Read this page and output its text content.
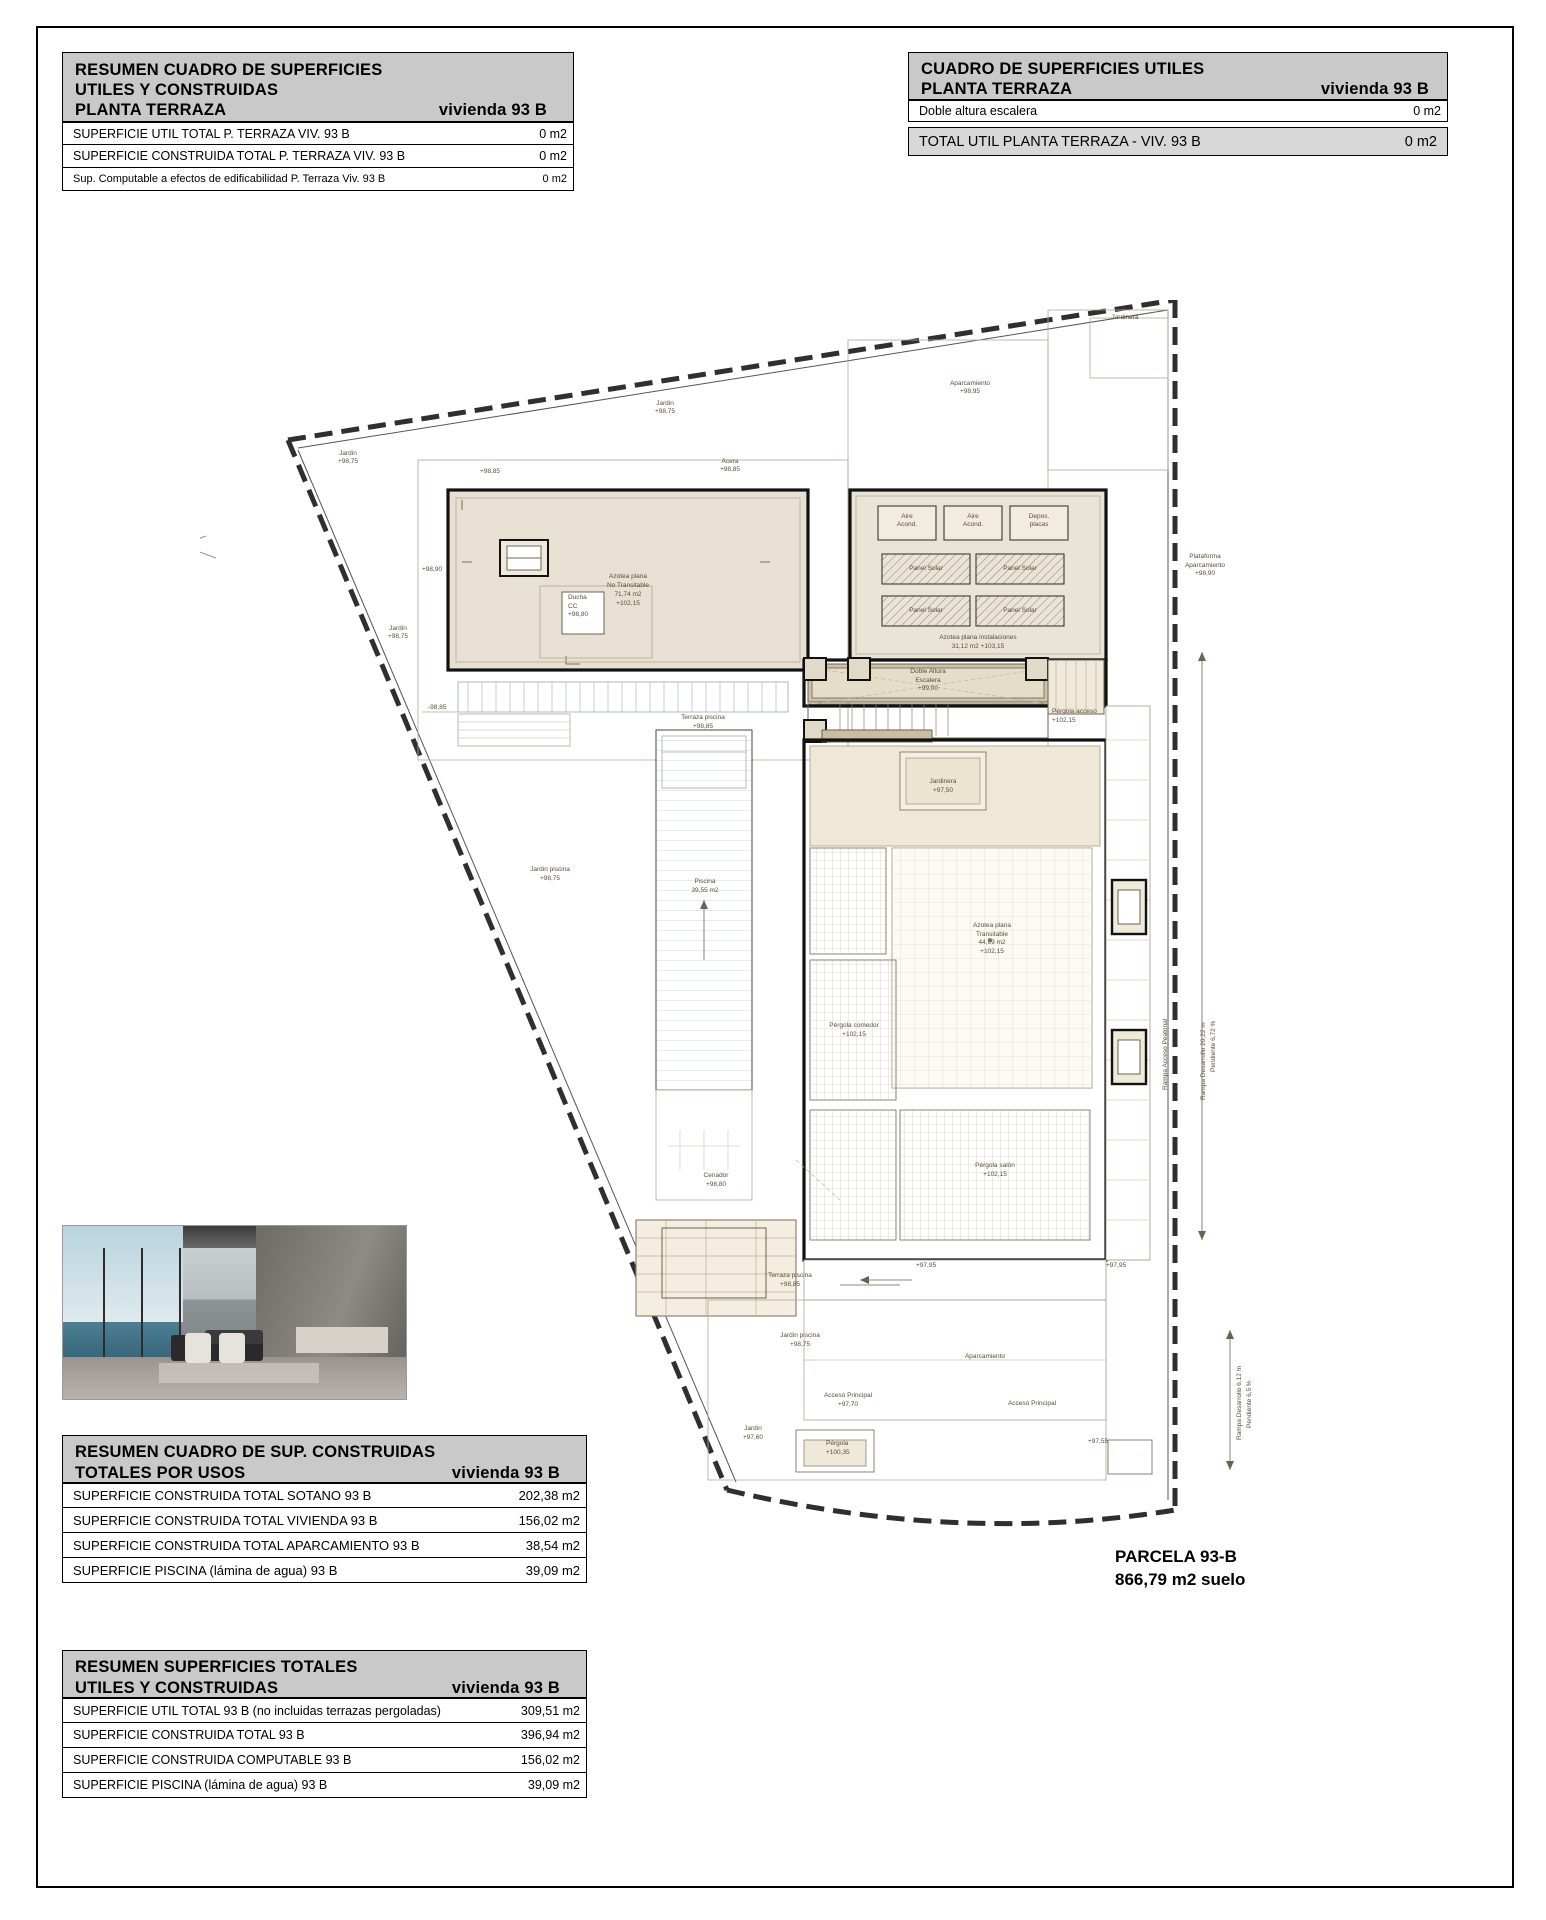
RESUMEN CUADRO DE SUPERFICIES
UTILES Y CONSTRUIDAS
PLANTA TERRAZA	vivienda 93 B
SUPERFICIE UTIL TOTAL P. TERRAZA VIV. 93 B	0 m2
SUPERFICIE CONSTRUIDA TOTAL P. TERRAZA VIV. 93 B	0 m2
Sup. Computable a efectos de edificabilidad P. Terraza Viv. 93 B	0 m2
CUADRO DE SUPERFICIES UTILES
PLANTA TERRAZA	vivienda 93 B
Doble altura escalera	0 m2
TOTAL UTIL PLANTA TERRAZA - VIV. 93 B	0 m2
RESUMEN CUADRO DE SUP. CONSTRUIDAS
TOTALES POR USOS	vivienda 93 B
SUPERFICIE CONSTRUIDA TOTAL SOTANO 93 B	202,38 m2
SUPERFICIE CONSTRUIDA TOTAL VIVIENDA 93 B	156,02 m2
SUPERFICIE CONSTRUIDA TOTAL APARCAMIENTO 93 B	38,54 m2
SUPERFICIE PISCINA (lámina de agua) 93 B	39,09 m2
RESUMEN SUPERFICIES TOTALES
UTILES Y CONSTRUIDAS	vivienda 93 B
SUPERFICIE UTIL TOTAL 93 B (no incluidas terrazas pergoladas)	309,51 m2
SUPERFICIE CONSTRUIDA TOTAL 93 B	396,94 m2
SUPERFICIE CONSTRUIDA COMPUTABLE 93 B	156,02 m2
SUPERFICIE PISCINA (lámina de agua) 93 B	39,09 m2
PARCELA 93-B
866,79 m2 suelo
Jardin
+98,75
Aparcamiento
+98,95
Jardinera
Jardin
+98,75
Jardin
+98,75
Acera
+98,85
+98,85
+98,90
-98,85
Azotea plana
No Transitable
71,74 m2
+102,15
Aire
Acond.
Aire
Acond.
Depos.
placas
Panel Solar	Panel Solar
Panel Solar	Panel Solar
Azotea plana instalaciones
31,12 m2 +103,15
Plataforma
Aparcamiento
+98,90
Doble Altura
Escalera
+99,00
Pérgola acceso
+102,15
Terraza piscina
+98,85
Ducha
CC
+98,80
Jardin piscina
+98,75	Piscina
39,55 m2
Jardinera
+97,50
Azotea plana
Transitable
44,99 m2
+102,15
Pérgola comedor
+102,15
Pérgola salón
+102,15
Cenador
+98,80
Rampa Acceso Peatonal	Rampa Desarrollo 20,22 m Pendiente 6,72 %
Rampa Desarrollo 6,12 m Pendiente 6,5 %
Terraza piscina
+98,85
Jardin piscina
+98,75
Aparcamiento
Acceso Principal
+97,70	Acceso Principal
Jardin
+97,60
Pérgola
+100,35
+97,95	+97,95
+97,55
